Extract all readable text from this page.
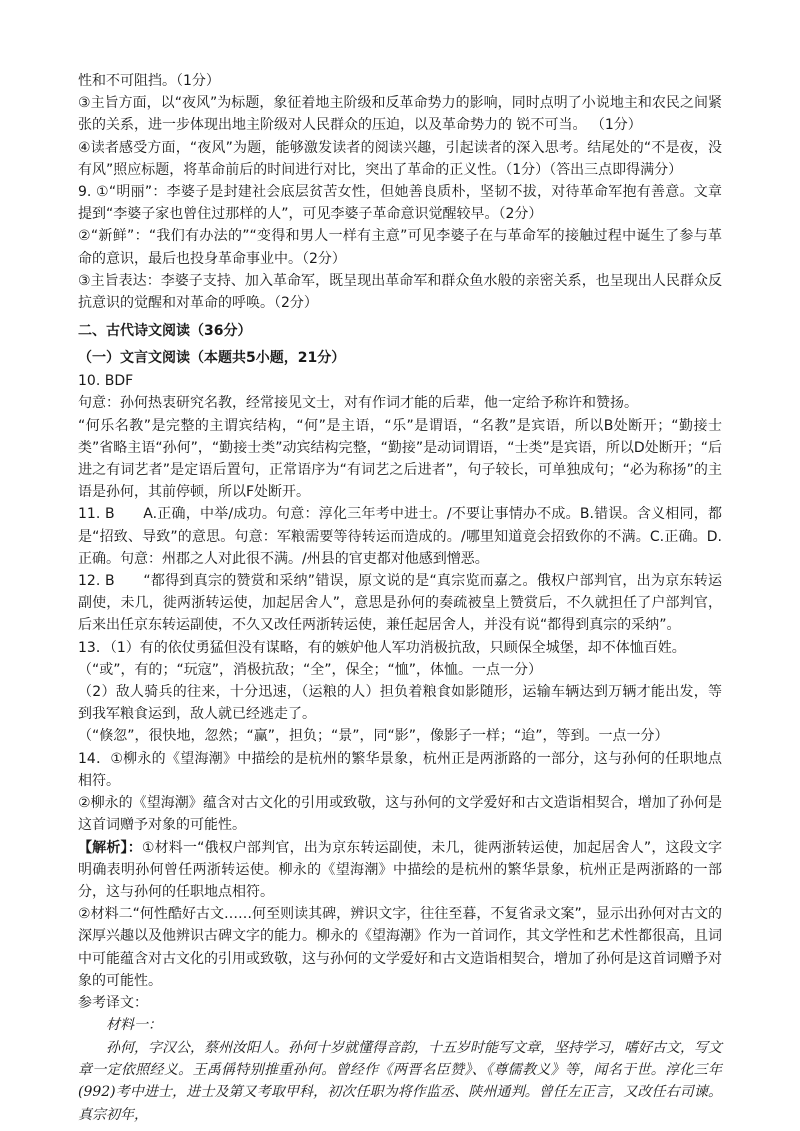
性和不可阻挡。（1分）

③主旨方面，以“夜风”为标题，象征着地主阶级和反革命势力的影响，同时点明了小说地主和农民之间紧张的关系，进一步体现出地主阶级对人民群众的压迫，以及革命势力的 锐不可当。 （1分）

④读者感受方面，“夜风”为题，能够激发读者的阅读兴趣，引起读者的深入思考。结尾处的“不是夜，没有风”照应标题，将革命前后的时间进行对比，突出了革命的正义性。（1分）（答出三点即得满分）

9. ①“明丽”：李婆子是封建社会底层贫苦女性，但她善良质朴，坚韧不拔，对待革命军抱有善意。文章提到“李婆子家也曾住过那样的人”，可见李婆子革命意识觉醒较早。（2分）

②“新鲜”：“我们有办法的”“变得和男人一样有主意”可见李婆子在与革命军的接触过程中诞生了参与革命的意识，最后也投身革命事业中。（2分）

③主旨表达：李婆子支持、加入革命军，既呈现出革命军和群众鱼水般的亲密关系，也呈现出人民群众反抗意识的觉醒和对革命的呼唤。（2分）

二、古代诗文阅读（36分）

（一）文言文阅读（本题共5小题，21分）

10. BDF

句意：孙何热衷研究名教，经常接见文士，对有作词才能的后辈，他一定给予称许和赞扬。

“何乐名教”是完整的主谓宾结构，“何”是主语，“乐”是谓语，“名教”是宾语，所以B处断开；“勤接士类”省略主语“孙何”，“勤接士类”动宾结构完整，“勤接”是动词谓语，“士类”是宾语，所以D处断开；“后进之有词艺者”是定语后置句，正常语序为“有词艺之后进者”，句子较长，可单独成句；“必为称扬”的主语是孙何，其前停顿，所以F处断开。

11. B　　A.正确，中举/成功。句意：淳化三年考中进士。/不要让事情办不成。B.错误。含义相同，都是“招致、导致”的意思。句意：军粮需要等待转运而造成的。/哪里知道竟会招致你的不满。C.正确。D.正确。句意：州郡之人对此很不满。/州县的官吏都对他感到憎恶。

12. B　　“都得到真宗的赞赏和采纳”错误，原文说的是“真宗览而嘉之。俄权户部判官，出为京东转运副使，未几，徙两浙转运使，加起居舍人”，意思是孙何的奏疏被皇上赞赏后，不久就担任了户部判官，后来出任京东转运副使，不久又改任两浙转运使，兼任起居舍人，并没有说“都得到真宗的采纳”。

13．（1）有的依仗勇猛但没有谋略，有的嫉妒他人军功消极抗敌，只顾保全城堡，却不体恤百姓。

（“或”，有的；“玩寇”，消极抗敌；“全”，保全；“恤”，体恤。一点一分）

（2）敌人骑兵的往来，十分迅速，（运粮的人）担负着粮食如影随形，运输车辆达到万辆才能出发，等到我军粮食运到，敌人就已经逃走了。

（“倏忽”，很快地，忽然；“赢”，担负；“景”，同“影”，像影子一样；“迨”，等到。一点一分）

14．①柳永的《望海潮》中描绘的是杭州的繁华景象，杭州正是两浙路的一部分，这与孙何的任职地点相符。

②柳永的《望海潮》蕴含对古文化的引用或致敬，这与孙何的文学爱好和古文造诣相契合，增加了孙何是这首词赠予对象的可能性。

【解析】：①材料一“俄权户部判官，出为京东转运副使，未几，徙两浙转运使，加起居舍人”，这段文字明确表明孙何曾任两浙转运使。柳永的《望海潮》中描绘的是杭州的繁华景象，杭州正是两浙路的一部分，这与孙何的任职地点相符。

②材料二“何性酷好古文……何至则读其碑，辨识文字，往往至暮，不复省录文案”，显示出孙何对古文的深厚兴趣以及他辨识古碑文字的能力。柳永的《望海潮》作为一首词作，其文学性和艺术性都很高，且词中可能蕴含对古文化的引用或致敬，这与孙何的文学爱好和古文造诣相契合，增加了孙何是这首词赠予对象的可能性。

参考译文：

材料一：

孙何，字汉公，蔡州汝阳人。孙何十岁就懂得音韵，十五岁时能写文章，坚持学习，嗜好古文，写文章一定依照经义。王禹偁特别推重孙何。曾经作《两晋名臣赞》、《尊儒教义》等，闻名于世。淳化三年(992)考中进士，进士及第又考取甲科，初次任职为将作监丞、陕州通判。曾任左正言，又改任右司谏。真宗初年，
